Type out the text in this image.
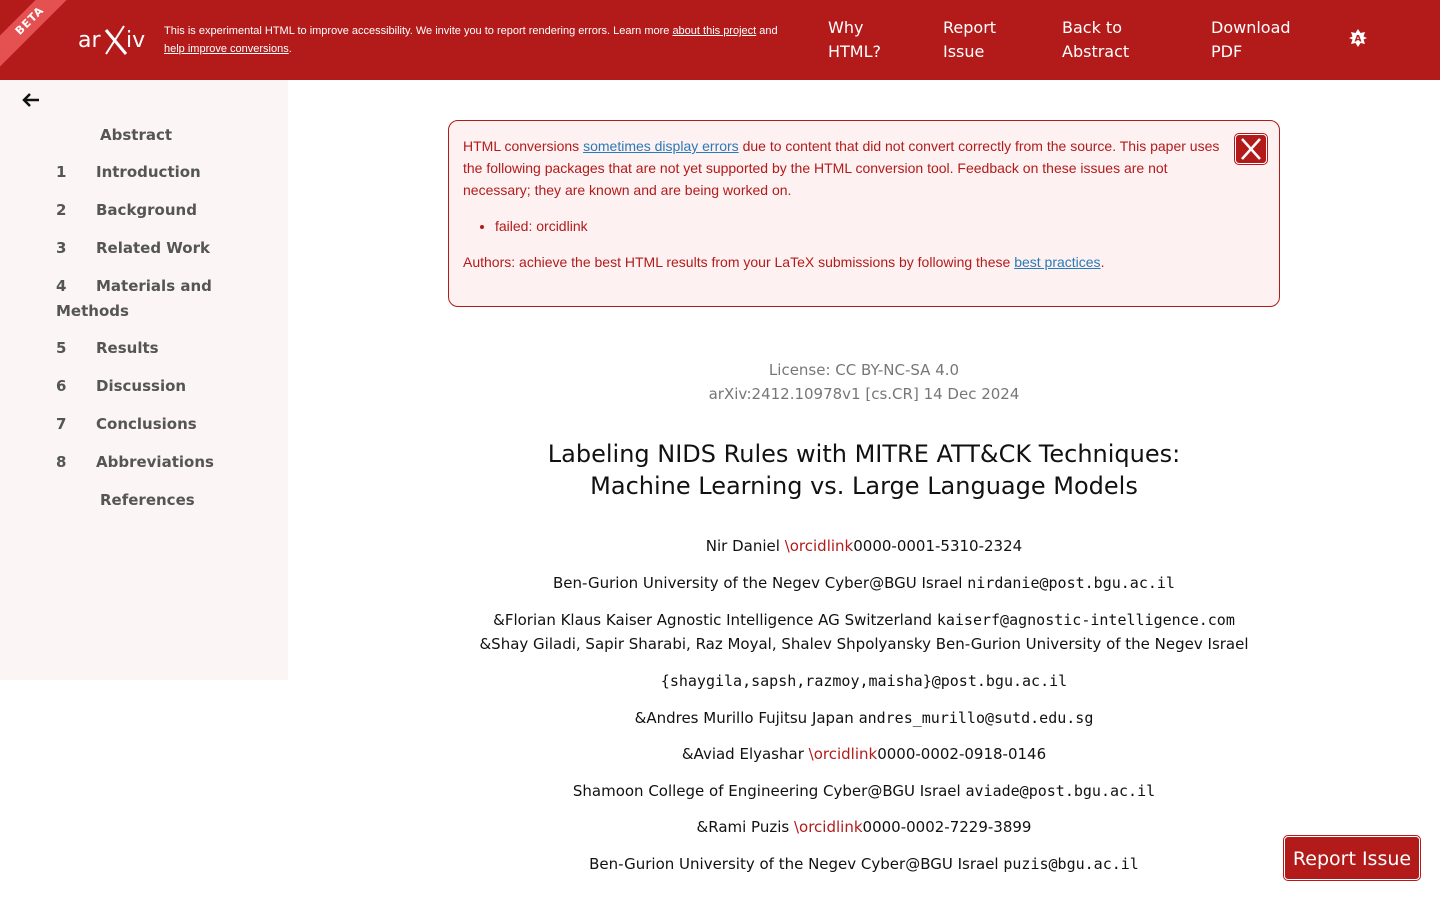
BETA
ar iv This is experimental HTML to improve accessibility. We invite you to report rendering errors. Learn more about this project and
help improve conversions.
Why
HTML?
Report
Issue
Back to
Abstract
Download
PDF
A
Abstract
1 Introduction
2 Background
3 Related Work
4 Materials and
Methods
5 Results
6 Discussion
7 Conclusions
8 Abbreviations
References

HTML conversions sometimes display errors due to content that did not convert correctly from the source. This paper uses the following packages that are not yet supported by the HTML conversion tool. Feedback on these issues are not necessary; they are known and are being worked on.

• failed: orcidlink

Authors: achieve the best HTML results from your LaTeX submissions by following these best practices.

License: CC BY-NC-SA 4.0
arXiv:2412.10978v1 [cs.CR] 14 Dec 2024
Labeling NIDS Rules with MITRE ATT&CK Techniques:
Machine Learning vs. Large Language Models
Nir Daniel \orcidlink0000-0001-5310-2324
Ben-Gurion University of the Negev Cyber@BGU Israel nirdanie@post.bgu.ac.il
&Florian Klaus Kaiser Agnostic Intelligence AG Switzerland kaiserf@agnostic-intelligence.com
&Shay Giladi, Sapir Sharabi, Raz Moyal, Shalev Shpolyansky Ben-Gurion University of the Negev Israel
{shaygila,sapsh,razmoy,maisha}@post.bgu.ac.il
&Andres Murillo Fujitsu Japan andres_murillo@sutd.edu.sg
&Aviad Elyashar \orcidlink0000-0002-0918-0146
Shamoon College of Engineering Cyber@BGU Israel aviade@post.bgu.ac.il
&Rami Puzis \orcidlink0000-0002-7229-3899
Ben-Gurion University of the Negev Cyber@BGU Israel puzis@bgu.ac.il	Report Issue
